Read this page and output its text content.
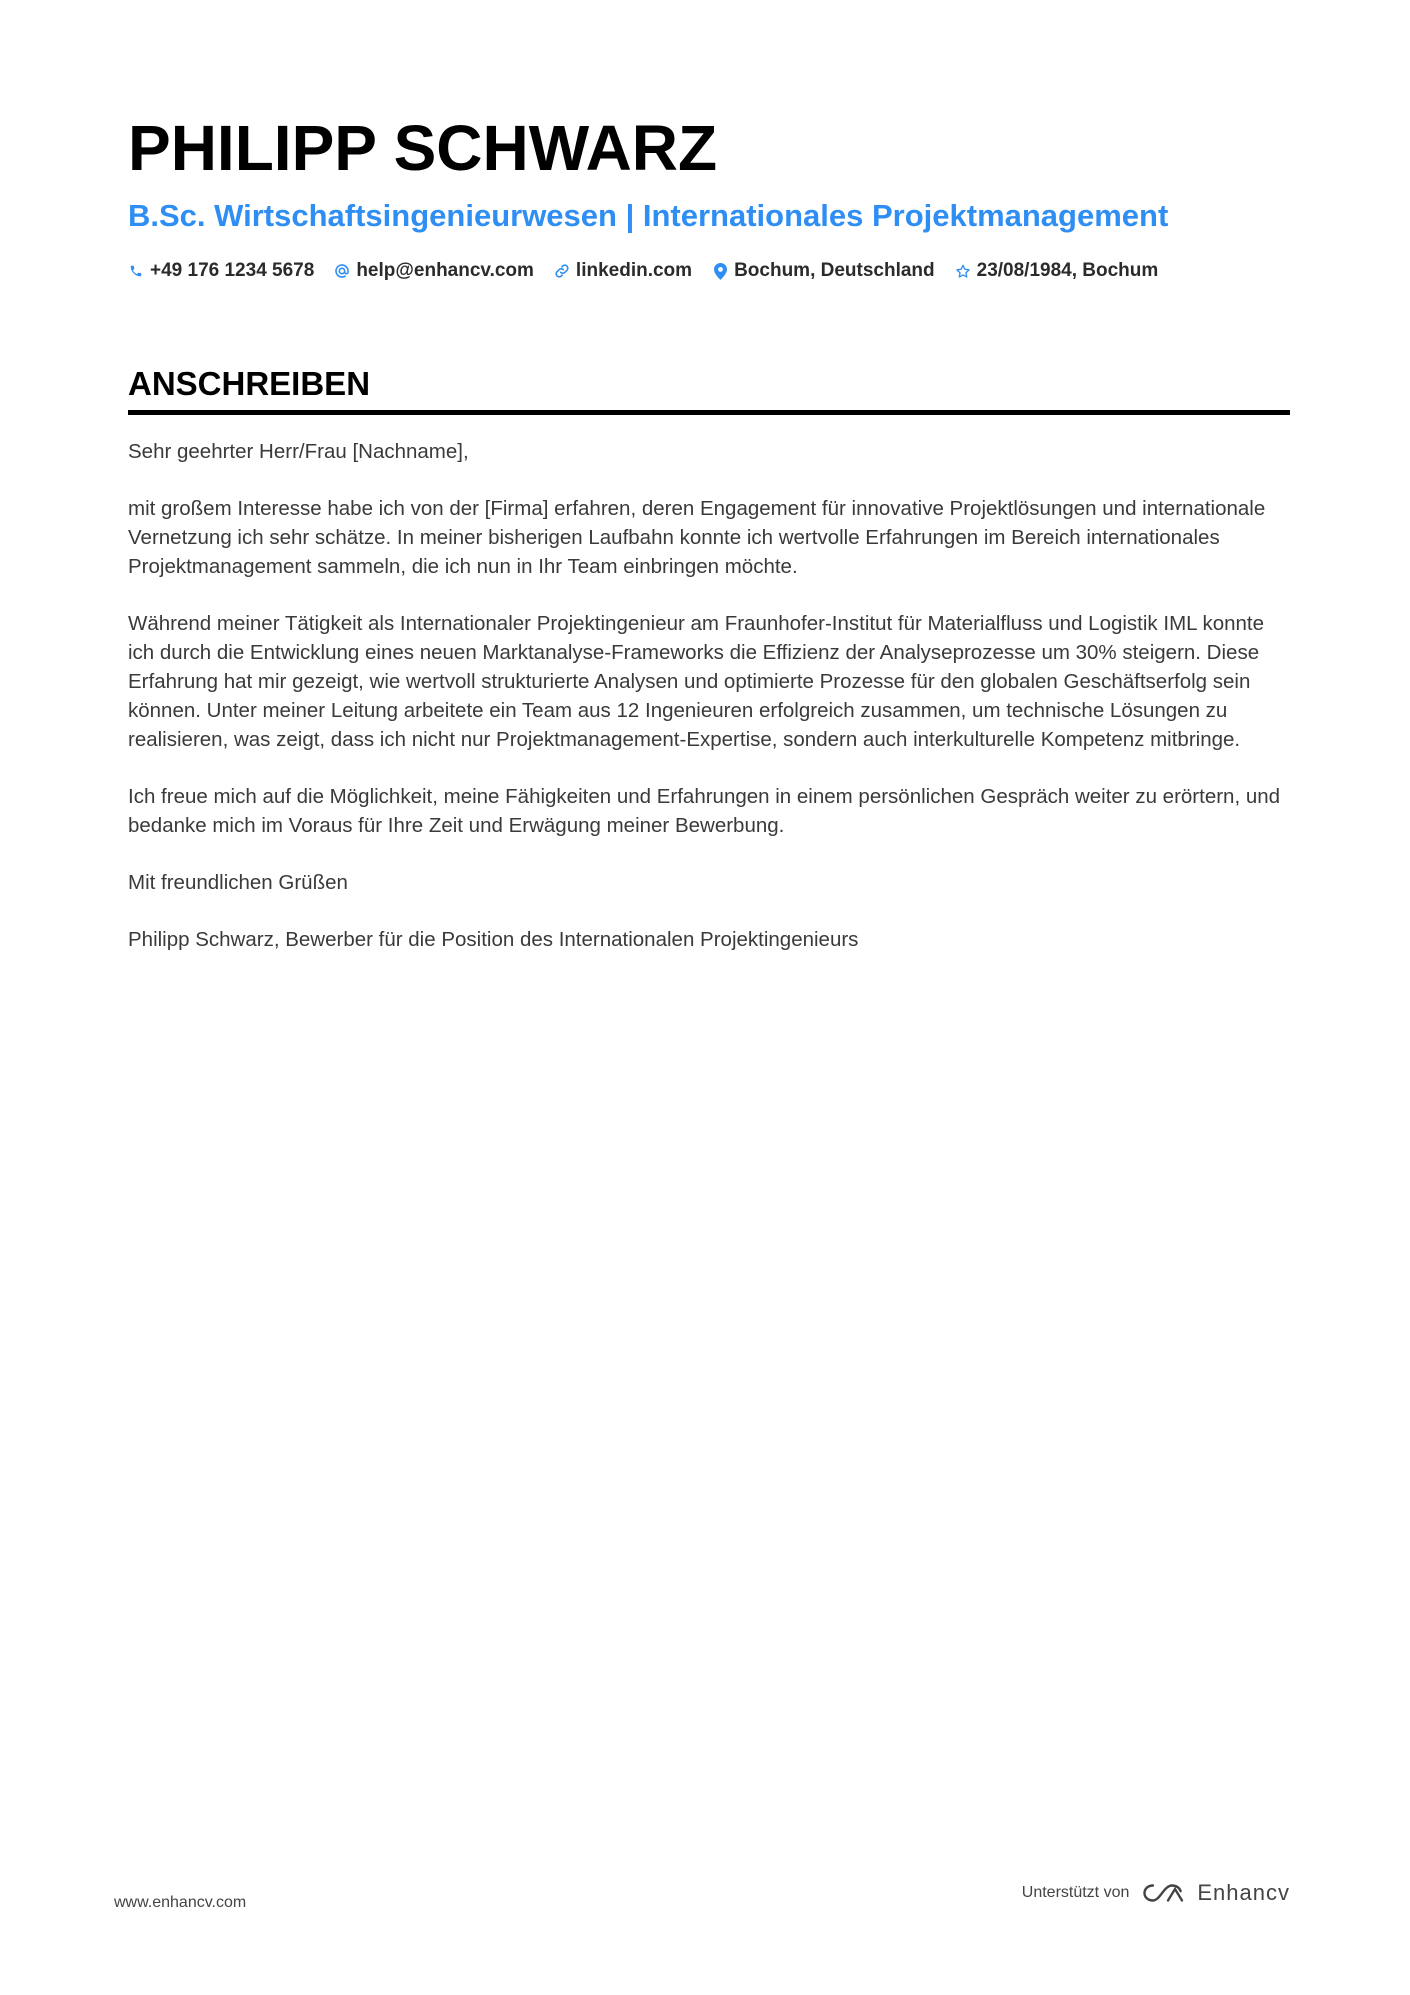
PHILIPP SCHWARZ
B.Sc. Wirtschaftsingenieurwesen | Internationales Projektmanagement
+49 176 1234 5678 help@enhancv.com linkedin.com Bochum, Deutschland 23/08/1984, Bochum
ANSCHREIBEN

Sehr geehrter Herr/Frau [Nachname],

mit großem Interesse habe ich von der [Firma] erfahren, deren Engagement für innovative Projektlösungen und internationale Vernetzung ich sehr schätze. In meiner bisherigen Laufbahn konnte ich wertvolle Erfahrungen im Bereich internationales Projektmanagement sammeln, die ich nun in Ihr Team einbringen möchte.

Während meiner Tätigkeit als Internationaler Projektingenieur am Fraunhofer-Institut für Materialfluss und Logistik IML konnte ich durch die Entwicklung eines neuen Marktanalyse-Frameworks die Effizienz der Analyseprozesse um 30% steigern. Diese Erfahrung hat mir gezeigt, wie wertvoll strukturierte Analysen und optimierte Prozesse für den globalen Geschäftserfolg sein können. Unter meiner Leitung arbeitete ein Team aus 12 Ingenieuren erfolgreich zusammen, um technische Lösungen zu realisieren, was zeigt, dass ich nicht nur Projektmanagement-Expertise, sondern auch interkulturelle Kompetenz mitbringe.

Ich freue mich auf die Möglichkeit, meine Fähigkeiten und Erfahrungen in einem persönlichen Gespräch weiter zu erörtern, und bedanke mich im Voraus für Ihre Zeit und Erwägung meiner Bewerbung.

Mit freundlichen Grüßen

Philipp Schwarz, Bewerber für die Position des Internationalen Projektingenieurs

www.enhancv.com
Unterstützt von	Enhancv
